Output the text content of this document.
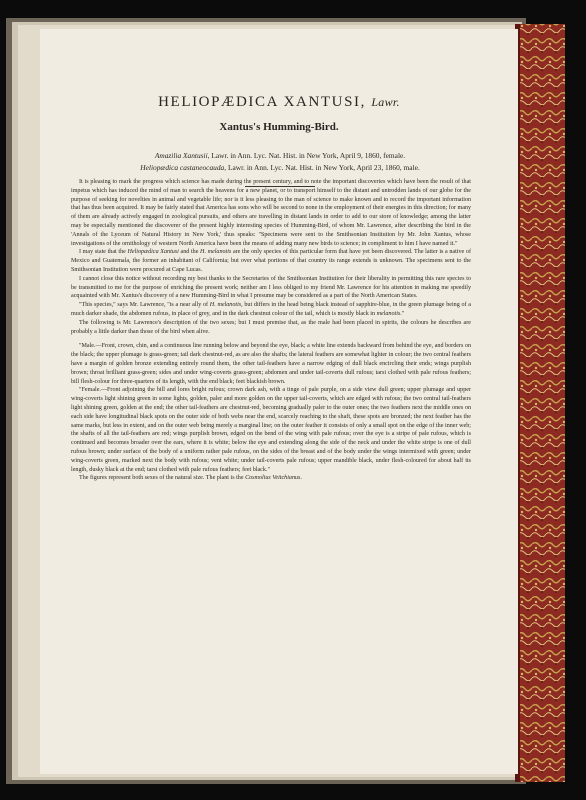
HELIOPÆDICA XANTUSI, Lawr.
Xantus's Humming-Bird.
Amazilia Xantusii, Lawr. in Ann. Lyc. Nat. Hist. in New York, April 9, 1860, female.
Heliopædica castaneocauda, Lawr. in Ann. Lyc. Nat. Hist. in New York, April 23, 1860, male.

It is pleasing to mark the progress which science has made during the present century, and to note the important discoveries which have been the result of that impetus which has induced the mind of man to search the heavens for a new planet, or to transport himself to the distant and untrodden lands of our globe for the purpose of seeking for novelties in animal and vegetable life; nor is it less pleasing to the man of science to make known and to record the important information that has thus been acquired. It may be fairly stated that America has sons who will be second to none in the employment of their energies in this direction; for many of them are already actively engaged in zoological pursuits, and others are travelling in distant lands in order to add to our store of knowledge; among the latter may be especially mentioned the discoverer of the present highly interesting species of Humming-Bird, of whom Mr. Lawrence, after describing the bird in the 'Annals of the Lyceum of Natural History in New York,' thus speaks: "Specimens were sent to the Smithsonian Institution by Mr. John Xantus, whose investigations of the ornithology of western North America have been the means of adding many new birds to science; in compliment to him I have named it."

I may state that the Heliopædica Xantusi and the H. melanotis are the only species of this particular form that have yet been discovered. The latter is a native of Mexico and Guatemala, the former an inhabitant of California; but over what portions of that country its range extends is unknown. The specimens sent to the Smithsonian Institution were procured at Cape Lucas.

I cannot close this notice without recording my best thanks to the Secretaries of the Smithsonian Institution for their liberality in permitting this rare species to be transmitted to me for the purpose of enriching the present work; neither am I less obliged to my friend Mr. Lawrence for his attention in making me speedily acquainted with Mr. Xantus's discovery of a new Humming-Bird in what I presume may be considered as a part of the North American States.

"This species," says Mr. Lawrence, "is a near ally of H. melanotis, but differs in the head being black instead of sapphire-blue, in the green plumage being of a much darker shade, the abdomen rufous, in place of grey, and in the dark chestnut colour of the tail, which is mostly black in melanotis."

The following is Mr. Lawrence's description of the two sexes; but I must premise that, as the male had been placed in spirits, the colours he describes are probably a little darker than those of the bird when alive.

"Male.—Front, crown, chin, and a continuous line running below and beyond the eye, black; a white line extends backward from behind the eye, and borders on the black; the upper plumage is grass-green; tail dark chestnut-red, as are also the shafts; the lateral feathers are somewhat lighter in colour; the two central feathers have a margin of golden bronze extending entirely round them, the other tail-feathers have a narrow edging of dull black encircling their ends; wings purplish brown; throat brilliant grass-green; sides and under wing-coverts grass-green; abdomen and under tail-coverts dull rufous; tarsi clothed with pale rufous feathers; bill flesh-colour for three-quarters of its length, with the end black; feet blackish brown.

"Female.—Front adjoining the bill and lores bright rufous; crown dark ash, with a tinge of pale purple, on a side view dull green; upper plumage and upper wing-coverts light shining green in some lights, golden, paler and more golden on the upper tail-coverts, which are edged with rufous; the two central tail-feathers light shining green, golden at the end; the other tail-feathers are chestnut-red, becoming gradually paler to the outer ones; the two feathers next the middle ones on each side have longitudinal black spots on the outer side of both webs near the end, scarcely reaching to the shaft, these spots are bronzed; the next feather has the same marks, but less in extent, and on the outer web being merely a marginal line; on the outer feather it consists of only a small spot on the edge of the inner web; the shafts of all the tail-feathers are red; wings purplish brown, edged on the bend of the wing with pale rufous; over the eye is a stripe of pale rufous, which is continued and becomes broader over the ears, where it is white; below the eye and extending along the side of the neck and under the white stripe is one of dull rufous brown; under surface of the body of a uniform rather pale rufous, on the sides of the breast and of the body under the wings intermixed with green; under wing-coverts green, marked next the body with rufous; vent white; under tail-coverts pale rufous; upper mandible black, under flesh-coloured for about half its length, dusky black at the end; tarsi clothed with pale rufous feathers; feet black."

The figures represent both sexes of the natural size. The plant is the Cosmolius Veitchianus.
